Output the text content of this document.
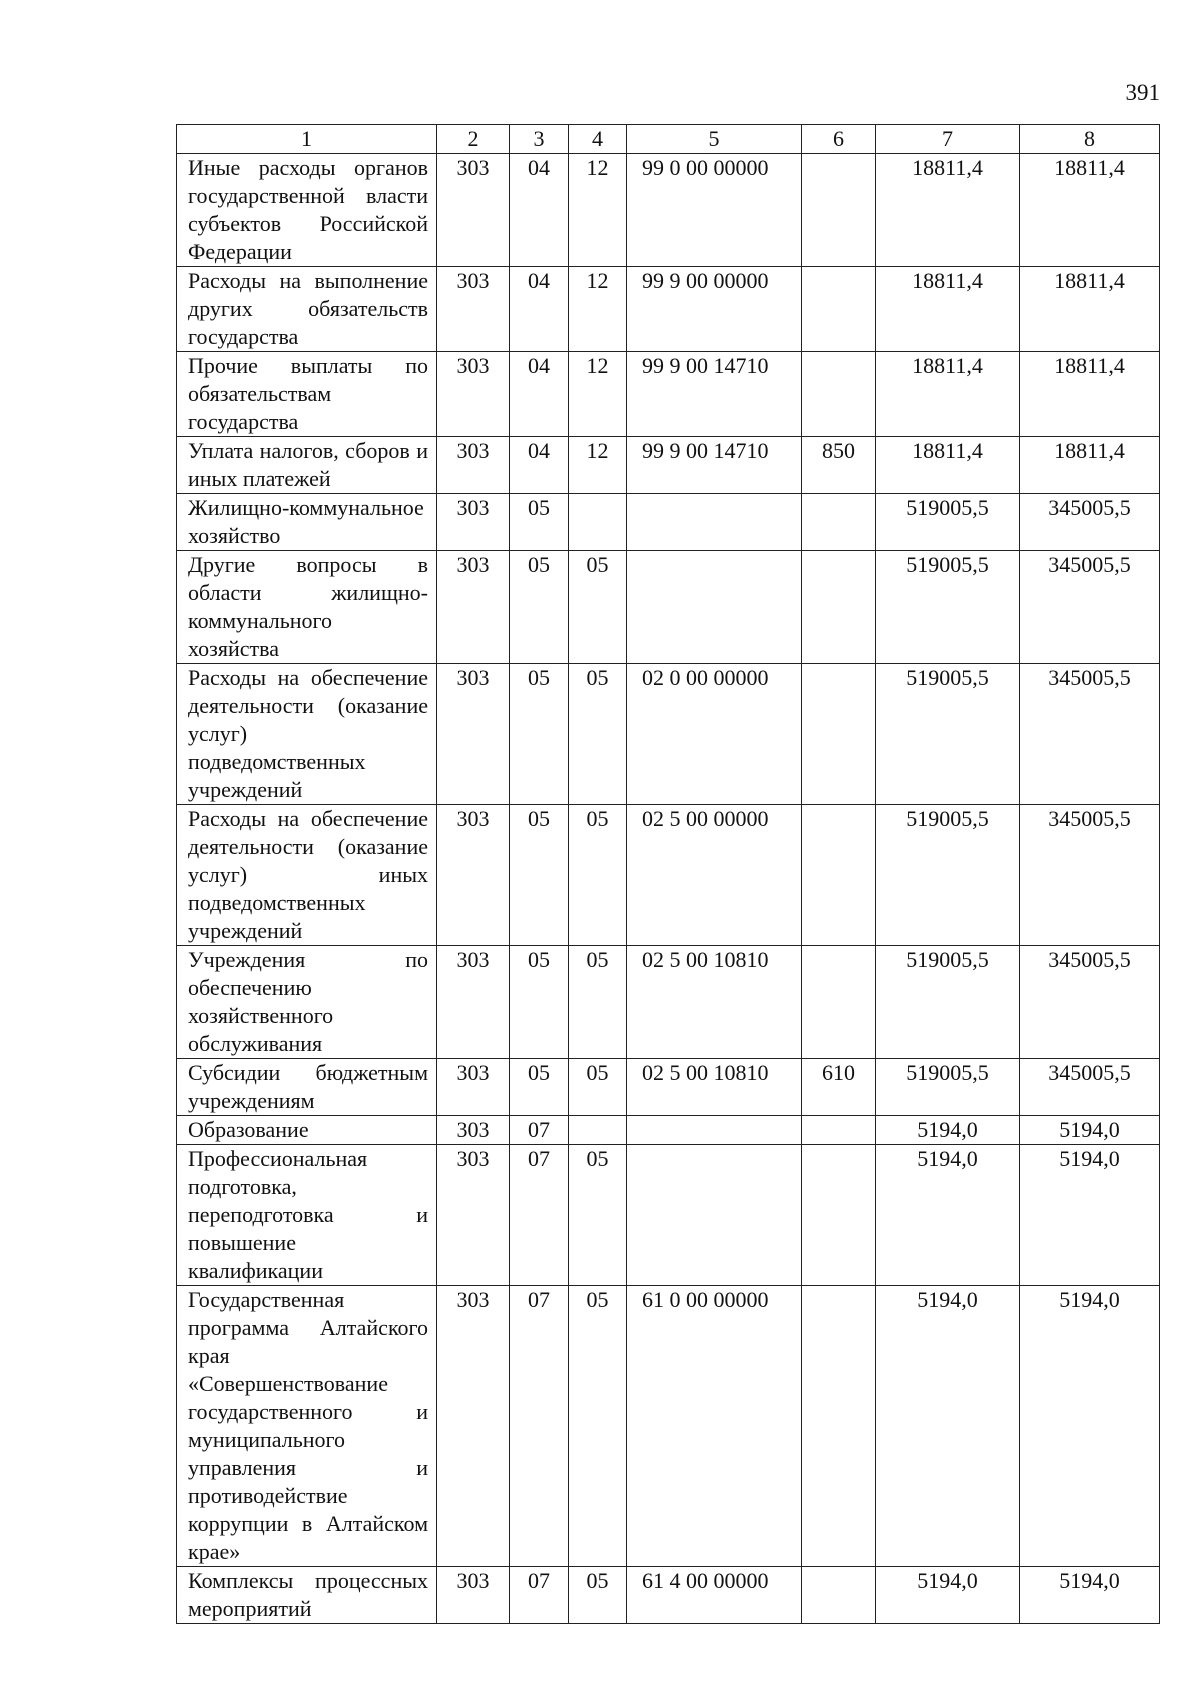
391
1	2	3	4	5	6	7	8
Иные расходы органов государственной власти субъектов Российской Федерации	303	04	12	99 0 00 00000		18811,4	18811,4
Расходы на выполнение других обязательств государства	303	04	12	99 9 00 00000		18811,4	18811,4
Прочие выплаты по обязательствам государства	303	04	12	99 9 00 14710		18811,4	18811,4
Уплата налогов, сборов и иных платежей	303	04	12	99 9 00 14710	850	18811,4	18811,4
Жилищно-коммунальное хозяйство	303	05				519005,5	345005,5
Другие вопросы в области жилищно-коммунального хозяйства	303	05	05			519005,5	345005,5
Расходы на обеспечение деятельности (оказание услуг) подведомственных учреждений	303	05	05	02 0 00 00000		519005,5	345005,5
Расходы на обеспечение деятельности (оказание услуг) иных подведомственных учреждений	303	05	05	02 5 00 00000		519005,5	345005,5
Учреждения по обеспечению хозяйственного обслуживания	303	05	05	02 5 00 10810		519005,5	345005,5
Субсидии бюджетным учреждениям	303	05	05	02 5 00 10810	610	519005,5	345005,5
Образование	303	07				5194,0	5194,0
Профессиональная подготовка, переподготовка и повышение квалификации	303	07	05			5194,0	5194,0
Государственная программа Алтайского края «Совершенствование государственного и муниципального управления и противодействие коррупции в Алтайском крае»	303	07	05	61 0 00 00000		5194,0	5194,0
Комплексы процессных мероприятий	303	07	05	61 4 00 00000		5194,0	5194,0
